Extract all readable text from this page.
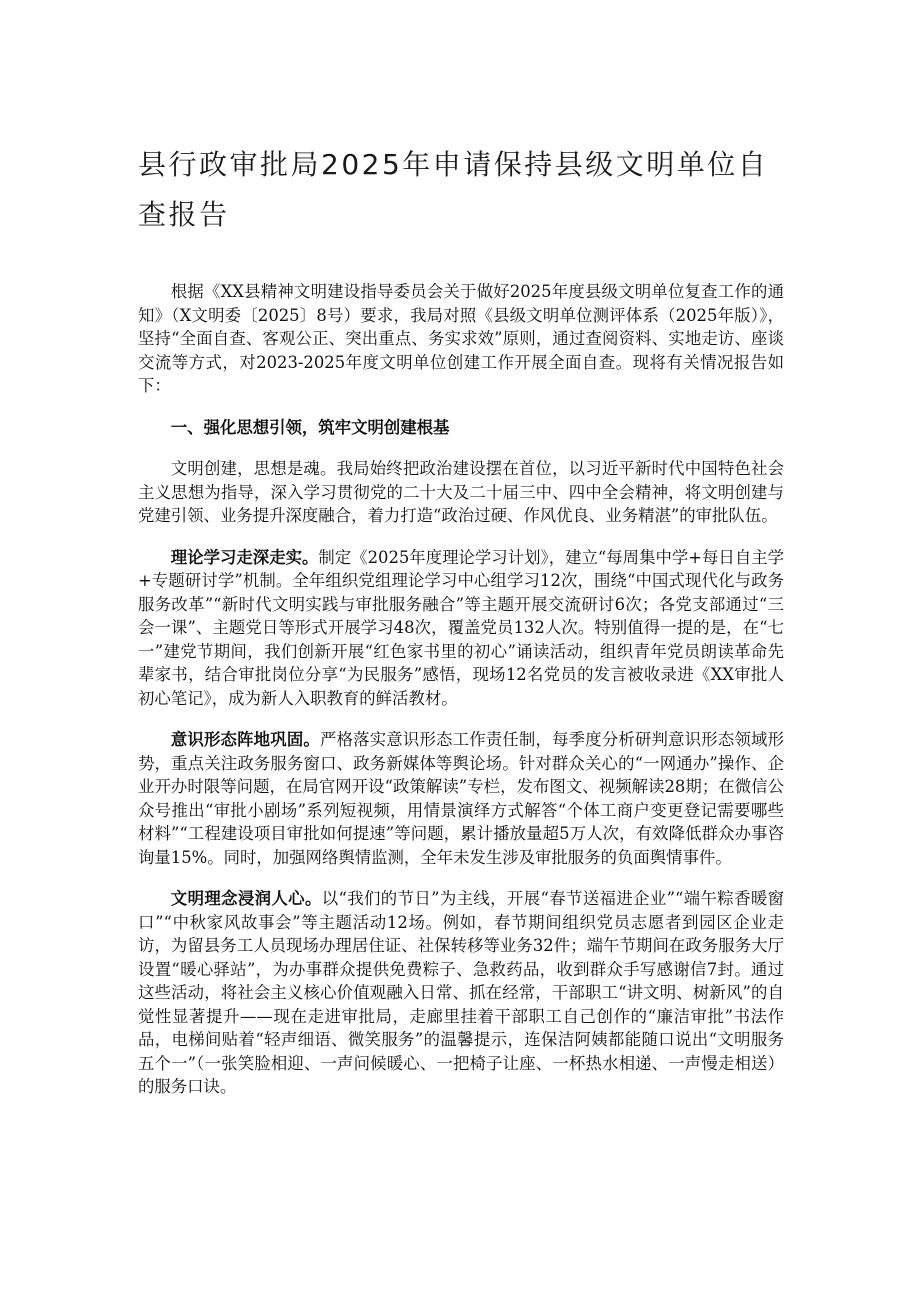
县行政审批局2025年申请保持县级文明单位自查报告

根据《XX县精神文明建设指导委员会关于做好2025年度县级文明单位复查工作的通知》（X文明委〔2025〕8号）要求，我局对照《县级文明单位测评体系（2025年版）》，坚持“全面自查、客观公正、突出重点、务实求效”原则，通过查阅资料、实地走访、座谈交流等方式，对2023-2025年度文明单位创建工作开展全面自查。现将有关情况报告如下：

一、强化思想引领，筑牢文明创建根基

文明创建，思想是魂。我局始终把政治建设摆在首位，以习近平新时代中国特色社会主义思想为指导，深入学习贯彻党的二十大及二十届三中、四中全会精神，将文明创建与党建引领、业务提升深度融合，着力打造“政治过硬、作风优良、业务精湛”的审批队伍。

理论学习走深走实。制定《2025年度理论学习计划》，建立“每周集中学+每日自主学+专题研讨学”机制。全年组织党组理论学习中心组学习12次，围绕“中国式现代化与政务服务改革”“新时代文明实践与审批服务融合”等主题开展交流研讨6次；各党支部通过“三会一课”、主题党日等形式开展学习48次，覆盖党员132人次。特别值得一提的是，在“七一”建党节期间，我们创新开展“红色家书里的初心”诵读活动，组织青年党员朗读革命先辈家书，结合审批岗位分享“为民服务”感悟，现场12名党员的发言被收录进《XX审批人初心笔记》，成为新人入职教育的鲜活教材。

意识形态阵地巩固。严格落实意识形态工作责任制，每季度分析研判意识形态领域形势，重点关注政务服务窗口、政务新媒体等舆论场。针对群众关心的“一网通办”操作、企业开办时限等问题，在局官网开设“政策解读”专栏，发布图文、视频解读28期；在微信公众号推出“审批小剧场”系列短视频，用情景演绎方式解答“个体工商户变更登记需要哪些材料”“工程建设项目审批如何提速”等问题，累计播放量超5万人次，有效降低群众办事咨询量15%。同时，加强网络舆情监测，全年未发生涉及审批服务的负面舆情事件。

文明理念浸润人心。以“我们的节日”为主线，开展“春节送福进企业”“端午粽香暖窗口”“中秋家风故事会”等主题活动12场。例如，春节期间组织党员志愿者到园区企业走访，为留县务工人员现场办理居住证、社保转移等业务32件；端午节期间在政务服务大厅设置“暖心驿站”，为办事群众提供免费粽子、急救药品，收到群众手写感谢信7封。通过这些活动，将社会主义核心价值观融入日常、抓在经常，干部职工“讲文明、树新风”的自觉性显著提升——现在走进审批局，走廊里挂着干部职工自己创作的“廉洁审批”书法作品，电梯间贴着“轻声细语、微笑服务”的温馨提示，连保洁阿姨都能随口说出“文明服务五个一”（一张笑脸相迎、一声问候暖心、一把椅子让座、一杯热水相递、一声慢走相送）的服务口诀。
